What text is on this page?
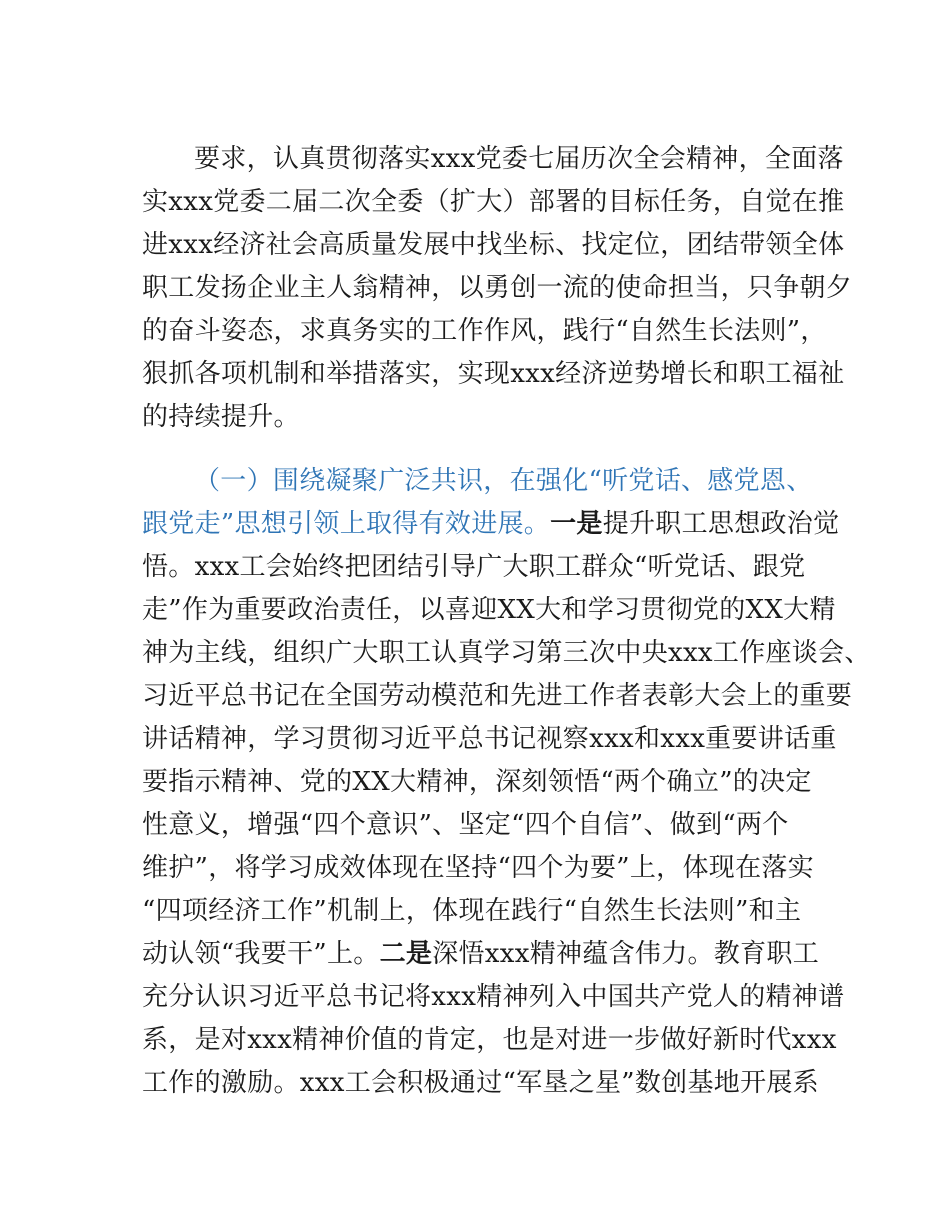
要求，认真贯彻落实xxx党委七届历次全会精神，全面落
实xxx党委二届二次全委（扩大）部署的目标任务，自觉在推
进xxx经济社会高质量发展中找坐标、找定位，团结带领全体
职工发扬企业主人翁精神，以勇创一流的使命担当，只争朝夕
的奋斗姿态，求真务实的工作作风，践行“自然生长法则”，
狠抓各项机制和举措落实，实现xxx经济逆势增长和职工福祉
的持续提升。
（一）围绕凝聚广泛共识，在强化“听党话、感党恩、
跟党走”思想引领上取得有效进展。一是提升职工思想政治觉
悟。xxx工会始终把团结引导广大职工群众“听党话、跟党
走”作为重要政治责任，以喜迎XX大和学习贯彻党的XX大精
神为主线，组织广大职工认真学习第三次中央xxx工作座谈会、
习近平总书记在全国劳动模范和先进工作者表彰大会上的重要
讲话精神，学习贯彻习近平总书记视察xxx和xxx重要讲话重
要指示精神、党的XX大精神，深刻领悟“两个确立”的决定
性意义，增强“四个意识”、坚定“四个自信”、做到“两个
维护”，将学习成效体现在坚持“四个为要”上，体现在落实
“四项经济工作”机制上，体现在践行“自然生长法则”和主
动认领“我要干”上。二是深悟xxx精神蕴含伟力。教育职工
充分认识习近平总书记将xxx精神列入中国共产党人的精神谱
系，是对xxx精神价值的肯定，也是对进一步做好新时代xxx
工作的激励。xxx工会积极通过“军垦之星”数创基地开展系
